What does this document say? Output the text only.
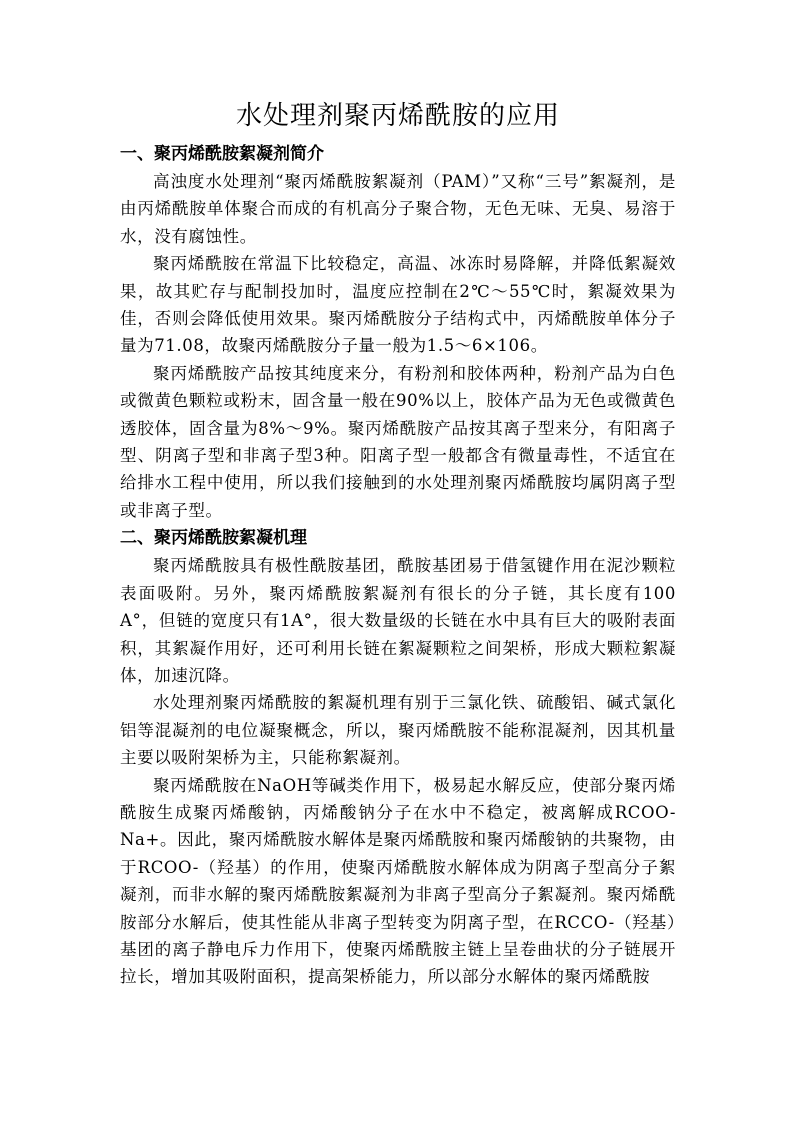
水处理剂聚丙烯酰胺的应用
一、聚丙烯酰胺絮凝剂简介

高浊度水处理剂“聚丙烯酰胺絮凝剂（PAM）”又称“三号”絮凝剂，是由丙烯酰胺单体聚合而成的有机高分子聚合物，无色无味、无臭、易溶于水，没有腐蚀性。

聚丙烯酰胺在常温下比较稳定，高温、冰冻时易降解，并降低絮凝效果，故其贮存与配制投加时，温度应控制在2℃～55℃时，絮凝效果为佳，否则会降低使用效果。聚丙烯酰胺分子结构式中，丙烯酰胺单体分子量为71.08，故聚丙烯酰胺分子量一般为1.5～6×106。

聚丙烯酰胺产品按其纯度来分，有粉剂和胶体两种，粉剂产品为白色或微黄色颗粒或粉末，固含量一般在90%以上，胶体产品为无色或微黄色透胶体，固含量为8%～9%。聚丙烯酰胺产品按其离子型来分，有阳离子型、阴离子型和非离子型3种。阳离子型一般都含有微量毒性，不适宜在给排水工程中使用，所以我们接触到的水处理剂聚丙烯酰胺均属阴离子型或非离子型。

二、聚丙烯酰胺絮凝机理

聚丙烯酰胺具有极性酰胺基团，酰胺基团易于借氢键作用在泥沙颗粒表面吸附。另外，聚丙烯酰胺絮凝剂有很长的分子链，其长度有100 A°，但链的宽度只有1A°，很大数量级的长链在水中具有巨大的吸附表面积，其絮凝作用好，还可利用长链在絮凝颗粒之间架桥，形成大颗粒絮凝体，加速沉降。

水处理剂聚丙烯酰胺的絮凝机理有别于三氯化铁、硫酸铝、碱式氯化铝等混凝剂的电位凝聚概念，所以，聚丙烯酰胺不能称混凝剂，因其机量主要以吸附架桥为主，只能称絮凝剂。

聚丙烯酰胺在NaOH等碱类作用下，极易起水解反应，使部分聚丙烯酰胺生成聚丙烯酸钠，丙烯酸钠分子在水中不稳定，被离解成RCOO-Na+。因此，聚丙烯酰胺水解体是聚丙烯酰胺和聚丙烯酸钠的共聚物，由于RCOO-（羟基）的作用，使聚丙烯酰胺水解体成为阴离子型高分子絮凝剂，而非水解的聚丙烯酰胺絮凝剂为非离子型高分子絮凝剂。聚丙烯酰胺部分水解后，使其性能从非离子型转变为阴离子型，在RCCO-（羟基）基团的离子静电斥力作用下，使聚丙烯酰胺主链上呈卷曲状的分子链展开拉长，增加其吸附面积，提高架桥能力，所以部分水解体的聚丙烯酰胺
